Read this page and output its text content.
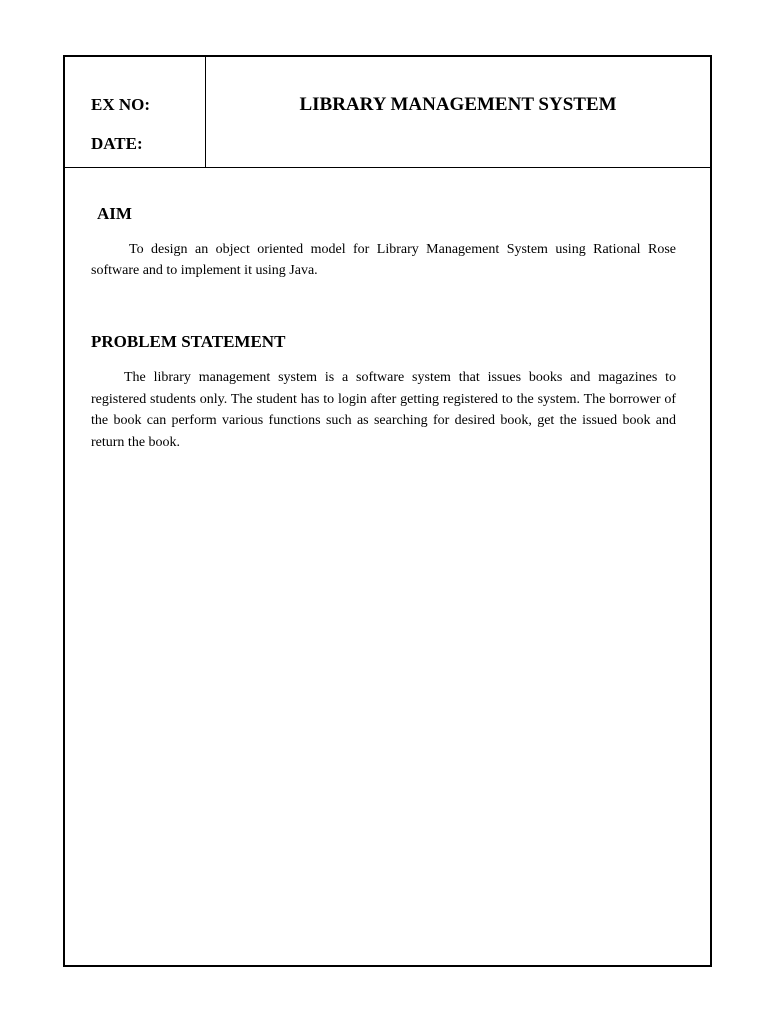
EX NO:
DATE:
LIBRARY MANAGEMENT SYSTEM
AIM

To design an object oriented model for Library Management System using Rational Rose software and to implement it using Java.

PROBLEM STATEMENT

The library management system is a software system that issues books and magazines to registered students only. The student has to login after getting registered to the system. The borrower of the book can perform various functions such as searching for desired book, get the issued book and return the book.
